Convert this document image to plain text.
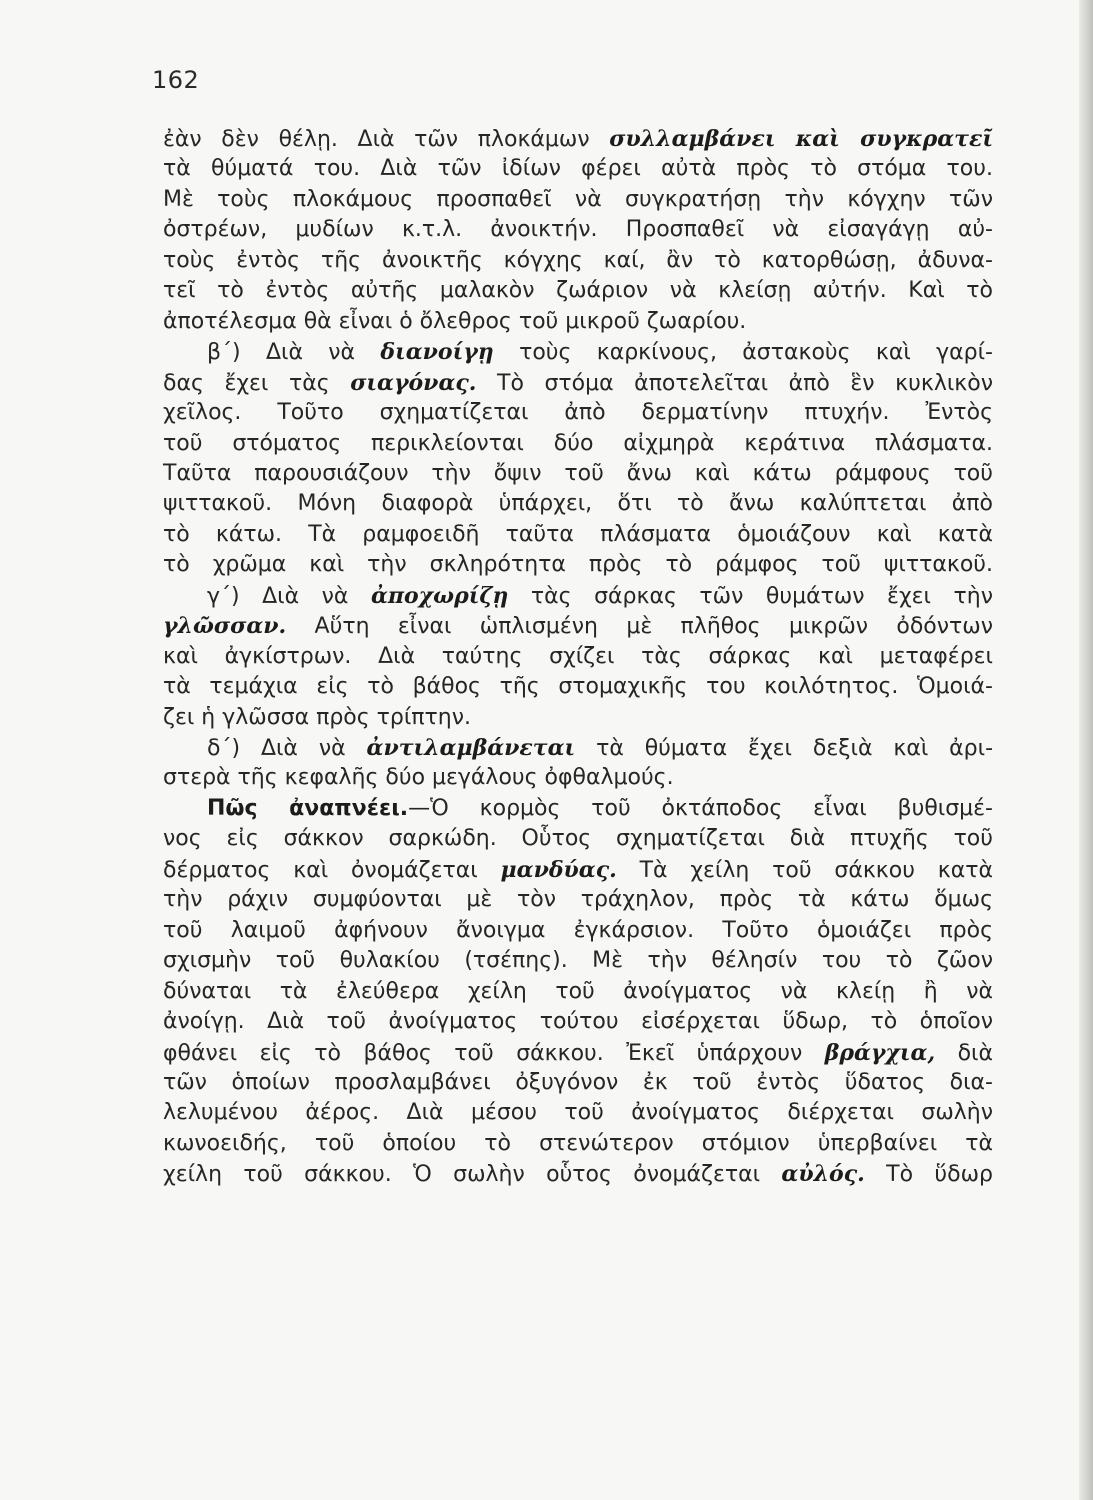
162
ἐὰν δὲν θέλῃ. Διὰ τῶν πλοκάμων συλλαμβάνει καὶ συγκρατεῖ
τὰ θύματά του. Διὰ τῶν ἰδίων φέρει αὐτὰ πρὸς τὸ στόμα του.
Μὲ τοὺς πλοκάμους προσπαθεῖ νὰ συγκρατήσῃ τὴν κόγχην τῶν
ὀστρέων, μυδίων κ.τ.λ. ἀνοικτήν. Προσπαθεῖ νὰ εἰσαγάγῃ αὐ-
τοὺς ἐντὸς τῆς ἀνοικτῆς κόγχης καί, ἂν τὸ κατορθώσῃ, ἀδυνα-
τεῖ τὸ ἐντὸς αὐτῆς μαλακὸν ζωάριον νὰ κλείσῃ αὐτήν. Καὶ τὸ
ἀποτέλεσμα θὰ εἶναι ὁ ὄλεθρος τοῦ μικροῦ ζωαρίου.
β΄) Διὰ νὰ διανοίγῃ τοὺς καρκίνους, ἀστακοὺς καὶ γαρί-
δας ἔχει τὰς σιαγόνας. Τὸ στόμα ἀποτελεῖται ἀπὸ ἓν κυκλικὸν
χεῖλος. Τοῦτο σχηματίζεται ἀπὸ δερματίνην πτυχήν. Ἐντὸς
τοῦ στόματος περικλείονται δύο αἰχμηρὰ κεράτινα πλάσματα.
Ταῦτα παρουσιάζουν τὴν ὄψιν τοῦ ἄνω καὶ κάτω ράμφους τοῦ
ψιττακοῦ. Μόνη διαφορὰ ὑπάρχει, ὅτι τὸ ἄνω καλύπτεται ἀπὸ
τὸ κάτω. Τὰ ραμφοειδῆ ταῦτα πλάσματα ὁμοιάζουν καὶ κατὰ
τὸ χρῶμα καὶ τὴν σκληρότητα πρὸς τὸ ράμφος τοῦ ψιττακοῦ.
γ΄) Διὰ νὰ ἀποχωρίζῃ τὰς σάρκας τῶν θυμάτων ἔχει τὴν
γλῶσσαν. Αὕτη εἶναι ὡπλισμένη μὲ πλῆθος μικρῶν ὀδόντων
καὶ ἀγκίστρων. Διὰ ταύτης σχίζει τὰς σάρκας καὶ μεταφέρει
τὰ τεμάχια εἰς τὸ βάθος τῆς στομαχικῆς του κοιλότητος. Ὁμοιά-
ζει ἡ γλῶσσα πρὸς τρίπτην.
δ΄) Διὰ νὰ ἀντιλαμβάνεται τὰ θύματα ἔχει δεξιὰ καὶ ἀρι-
στερὰ τῆς κεφαλῆς δύο μεγάλους ὀφθαλμούς.
Πῶς ἀναπνέει.—Ὁ κορμὸς τοῦ ὀκτάποδος εἶναι βυθισμέ-
νος εἰς σάκκον σαρκώδη. Οὗτος σχηματίζεται διὰ πτυχῆς τοῦ
δέρματος καὶ ὀνομάζεται μανδύας. Τὰ χείλη τοῦ σάκκου κατὰ
τὴν ράχιν συμφύονται μὲ τὸν τράχηλον, πρὸς τὰ κάτω ὅμως
τοῦ λαιμοῦ ἀφήνουν ἄνοιγμα ἐγκάρσιον. Τοῦτο ὁμοιάζει πρὸς
σχισμὴν τοῦ θυλακίου (τσέπης). Μὲ τὴν θέλησίν του τὸ ζῶον
δύναται τὰ ἐλεύθερα χείλη τοῦ ἀνοίγματος νὰ κλείῃ ἢ νὰ
ἀνοίγῃ. Διὰ τοῦ ἀνοίγματος τούτου εἰσέρχεται ὕδωρ, τὸ ὁποῖον
φθάνει εἰς τὸ βάθος τοῦ σάκκου. Ἐκεῖ ὑπάρχουν βράγχια, διὰ
τῶν ὁποίων προσλαμβάνει ὀξυγόνον ἐκ τοῦ ἐντὸς ὕδατος δια-
λελυμένου ἀέρος. Διὰ μέσου τοῦ ἀνοίγματος διέρχεται σωλὴν
κωνοειδής, τοῦ ὁποίου τὸ στενώτερον στόμιον ὑπερβαίνει τὰ
χείλη τοῦ σάκκου. Ὁ σωλὴν οὗτος ὀνομάζεται αὐλός. Τὸ ὕδωρ
